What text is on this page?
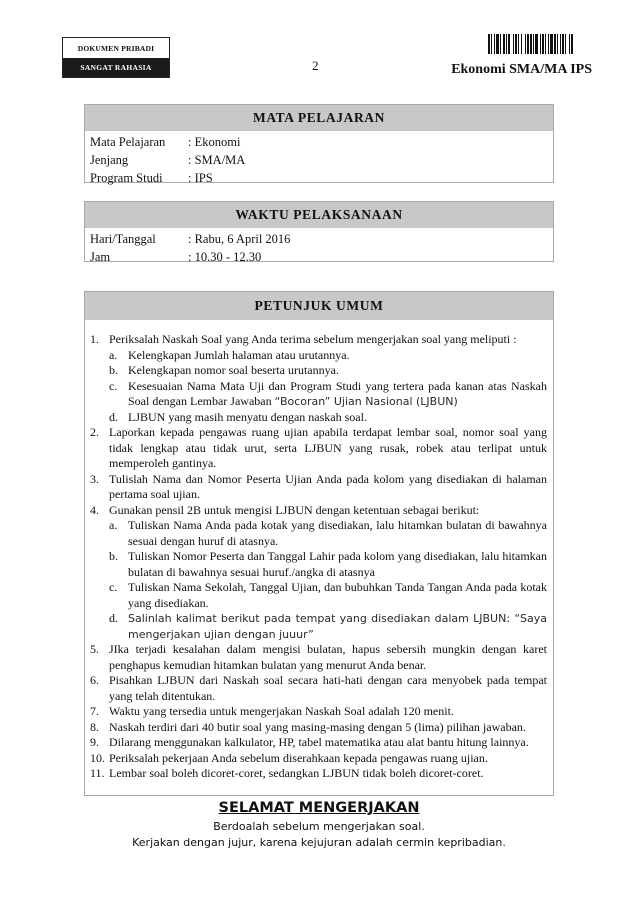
DOKUMEN PRIBADI
SANGAT RAHASIA	2	Ekonomi SMA/MA IPS
MATA PELAJARAN
Mata Pelajaran	: Ekonomi
Jenjang	: SMA/MA
Program Studi	: IPS
WAKTU PELAKSANAAN
Hari/Tanggal	: Rabu, 6 April 2016
Jam	: 10.30 - 12.30
PETUNJUK UMUM
1. Periksalah Naskah Soal yang Anda terima sebelum mengerjakan soal yang meliputi :
a. Kelengkapan Jumlah halaman atau urutannya.
b. Kelengkapan nomor soal beserta urutannya.
c. Kesesuaian Nama Mata Uji dan Program Studi yang tertera pada kanan atas Naskah Soal dengan Lembar Jawaban “Bocoran” Ujian Nasional (LJBUN)
d. LJBUN yang masih menyatu dengan naskah soal.
2. Laporkan kepada pengawas ruang ujian apabila terdapat lembar soal, nomor soal yang tidak lengkap atau tidak urut, serta LJBUN yang rusak, robek atau terlipat untuk memperoleh gantinya.
3. Tulislah Nama dan Nomor Peserta Ujian Anda pada kolom yang disediakan di halaman pertama soal ujian.
4. Gunakan pensil 2B untuk mengisi LJBUN dengan ketentuan sebagai berikut:
a. Tuliskan Nama Anda pada kotak yang disediakan, lalu hitamkan bulatan di bawahnya sesuai dengan huruf di atasnya.
b. Tuliskan Nomor Peserta dan Tanggal Lahir pada kolom yang disediakan, lalu hitamkan bulatan di bawahnya sesuai huruf./angka di atasnya
c. Tuliskan Nama Sekolah, Tanggal Ujian, dan bubuhkan Tanda Tangan Anda pada kotak yang disediakan.
d. Salinlah kalimat berikut pada tempat yang disediakan dalam LJBUN: “Saya mengerjakan ujian dengan juuur”
5. JIka terjadi kesalahan dalam mengisi bulatan, hapus sebersih mungkin dengan karet penghapus kemudian hitamkan bulatan yang menurut Anda benar.
6. Pisahkan LJBUN dari Naskah soal secara hati-hati dengan cara menyobek pada tempat yang telah ditentukan.
7. Waktu yang tersedia untuk mengerjakan Naskah Soal adalah 120 menit.
8. Naskah terdiri dari 40 butir soal yang masing-masing dengan 5 (lima) pilihan jawaban.
9. Dilarang menggunakan kalkulator, HP, tabel matematika atau alat bantu hitung lainnya.
10. Periksalah pekerjaan Anda sebelum diserahkaan kepada pengawas ruang ujian.
11. Lembar soal boleh dicoret-coret, sedangkan LJBUN tidak boleh dicoret-coret.
SELAMAT MENGERJAKAN
Berdoalah sebelum mengerjakan soal.
Kerjakan dengan jujur, karena kejujuran adalah cermin kepribadian.
